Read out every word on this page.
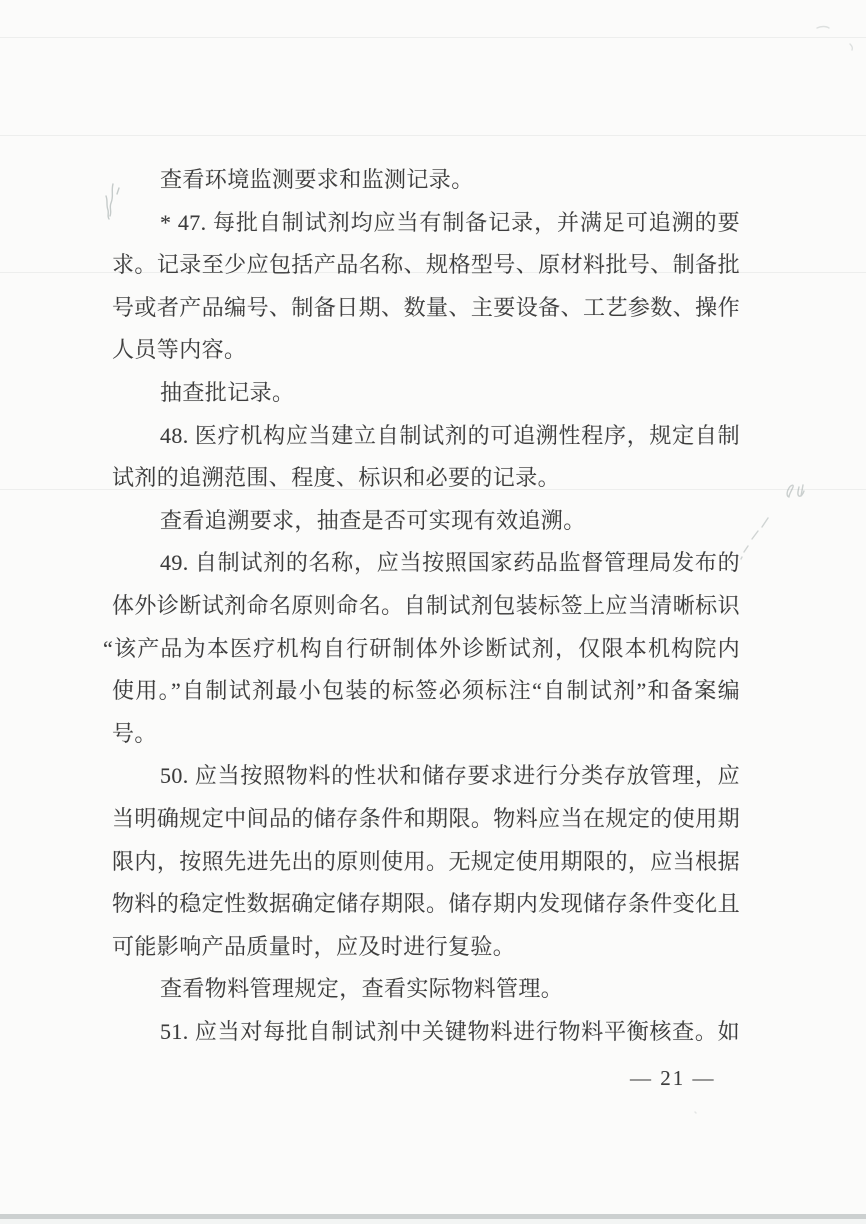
查看环境监测要求和监测记录。
* 47. 每批自制试剂均应当有制备记录，并满足可追溯的要
求。记录至少应包括产品名称、规格型号、原材料批号、制备批
号或者产品编号、制备日期、数量、主要设备、工艺参数、操作
人员等内容。
抽查批记录。
48. 医疗机构应当建立自制试剂的可追溯性程序，规定自制
试剂的追溯范围、程度、标识和必要的记录。
查看追溯要求，抽查是否可实现有效追溯。
49. 自制试剂的名称，应当按照国家药品监督管理局发布的
体外诊断试剂命名原则命名。自制试剂包装标签上应当清晰标识
“该产品为本医疗机构自行研制体外诊断试剂，仅限本机构院内
使用。”自制试剂最小包装的标签必须标注“自制试剂”和备案编
号。
50. 应当按照物料的性状和储存要求进行分类存放管理，应
当明确规定中间品的储存条件和期限。物料应当在规定的使用期
限内，按照先进先出的原则使用。无规定使用期限的，应当根据
物料的稳定性数据确定储存期限。储存期内发现储存条件变化且
可能影响产品质量时，应及时进行复验。
查看物料管理规定，查看实际物料管理。
51. 应当对每批自制试剂中关键物料进行物料平衡核查。如
— 21 —
